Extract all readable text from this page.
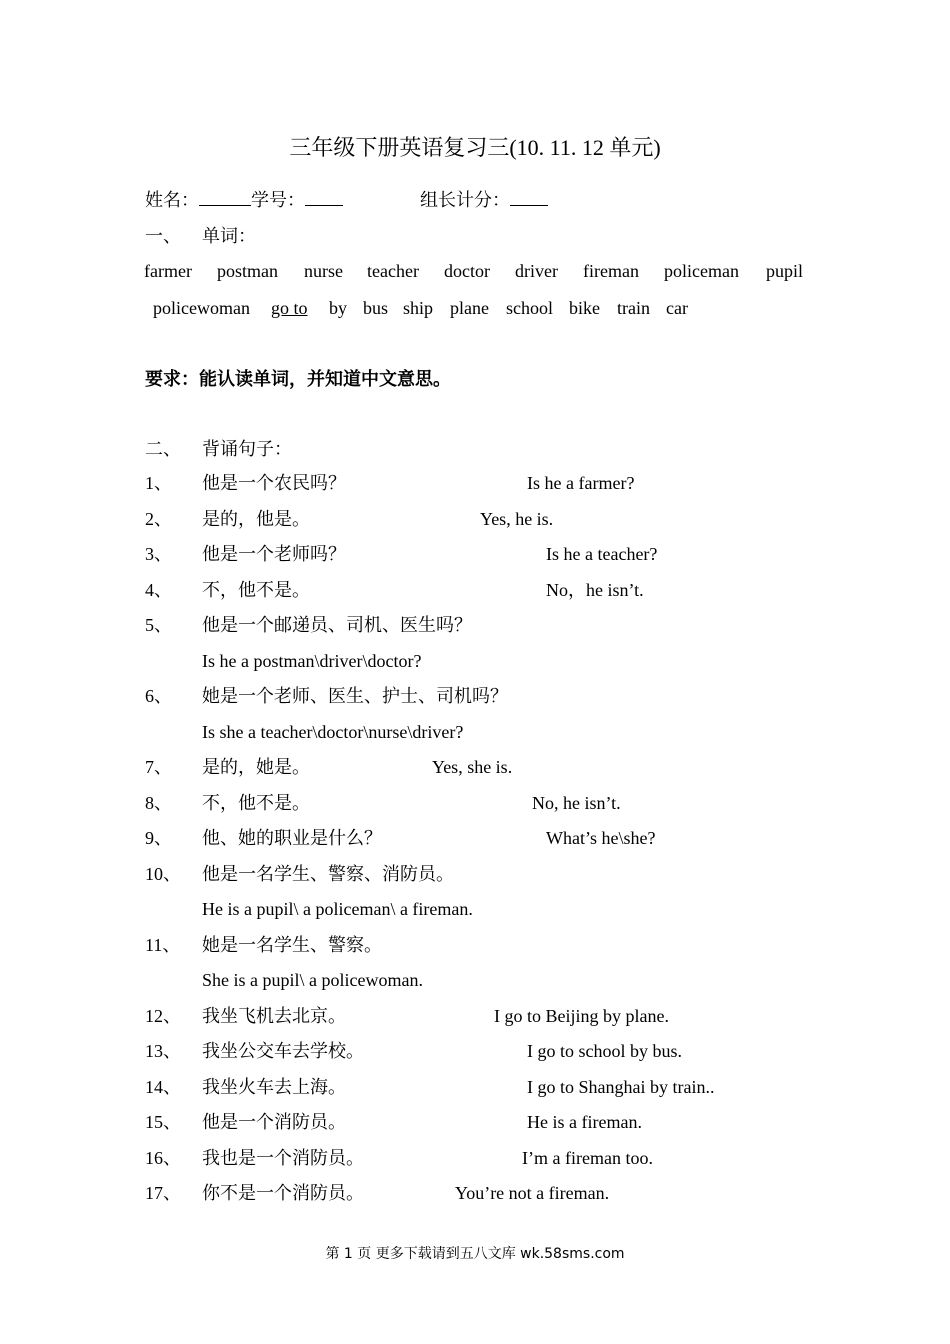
三年级下册英语复习三(10. 11. 12 单元)
姓名：	学号：	组长计分：
一、 单词：
farmer postman nurse teacher doctor driver fireman policeman pupil
policewoman go to by bus ship plane school bike train car
要求：能认读单词，并知道中文意思。
二、 背诵句子：
1、 他是一个农民吗？	Is he a farmer?
2、 是的，他是。	Yes, he is.
3、 他是一个老师吗？	Is he a teacher?
4、 不，他不是。	No，he isn’t.
5、 他是一个邮递员、司机、医生吗？
Is he a postman\driver\doctor?
6、 她是一个老师、医生、护士、司机吗？
Is she a teacher\doctor\nurse\driver?
7、 是的，她是。	Yes, she is.
8、 不，他不是。	No, he isn’t.
9、 他、她的职业是什么？	What’s he\she?
10、 他是一名学生、警察、消防员。
He is a pupil\ a policeman\ a fireman.
11、 她是一名学生、警察。
She is a pupil\ a policewoman.
12、 我坐飞机去北京。	I go to Beijing by plane.
13、 我坐公交车去学校。	I go to school by bus.
14、 我坐火车去上海。	I go to Shanghai by train..
15、 他是一个消防员。	He is a fireman.
16、 我也是一个消防员。	I’m a fireman too.
17、 你不是一个消防员。	You’re not a fireman.
第 1 页 更多下载请到五八文库 wk.58sms.com
